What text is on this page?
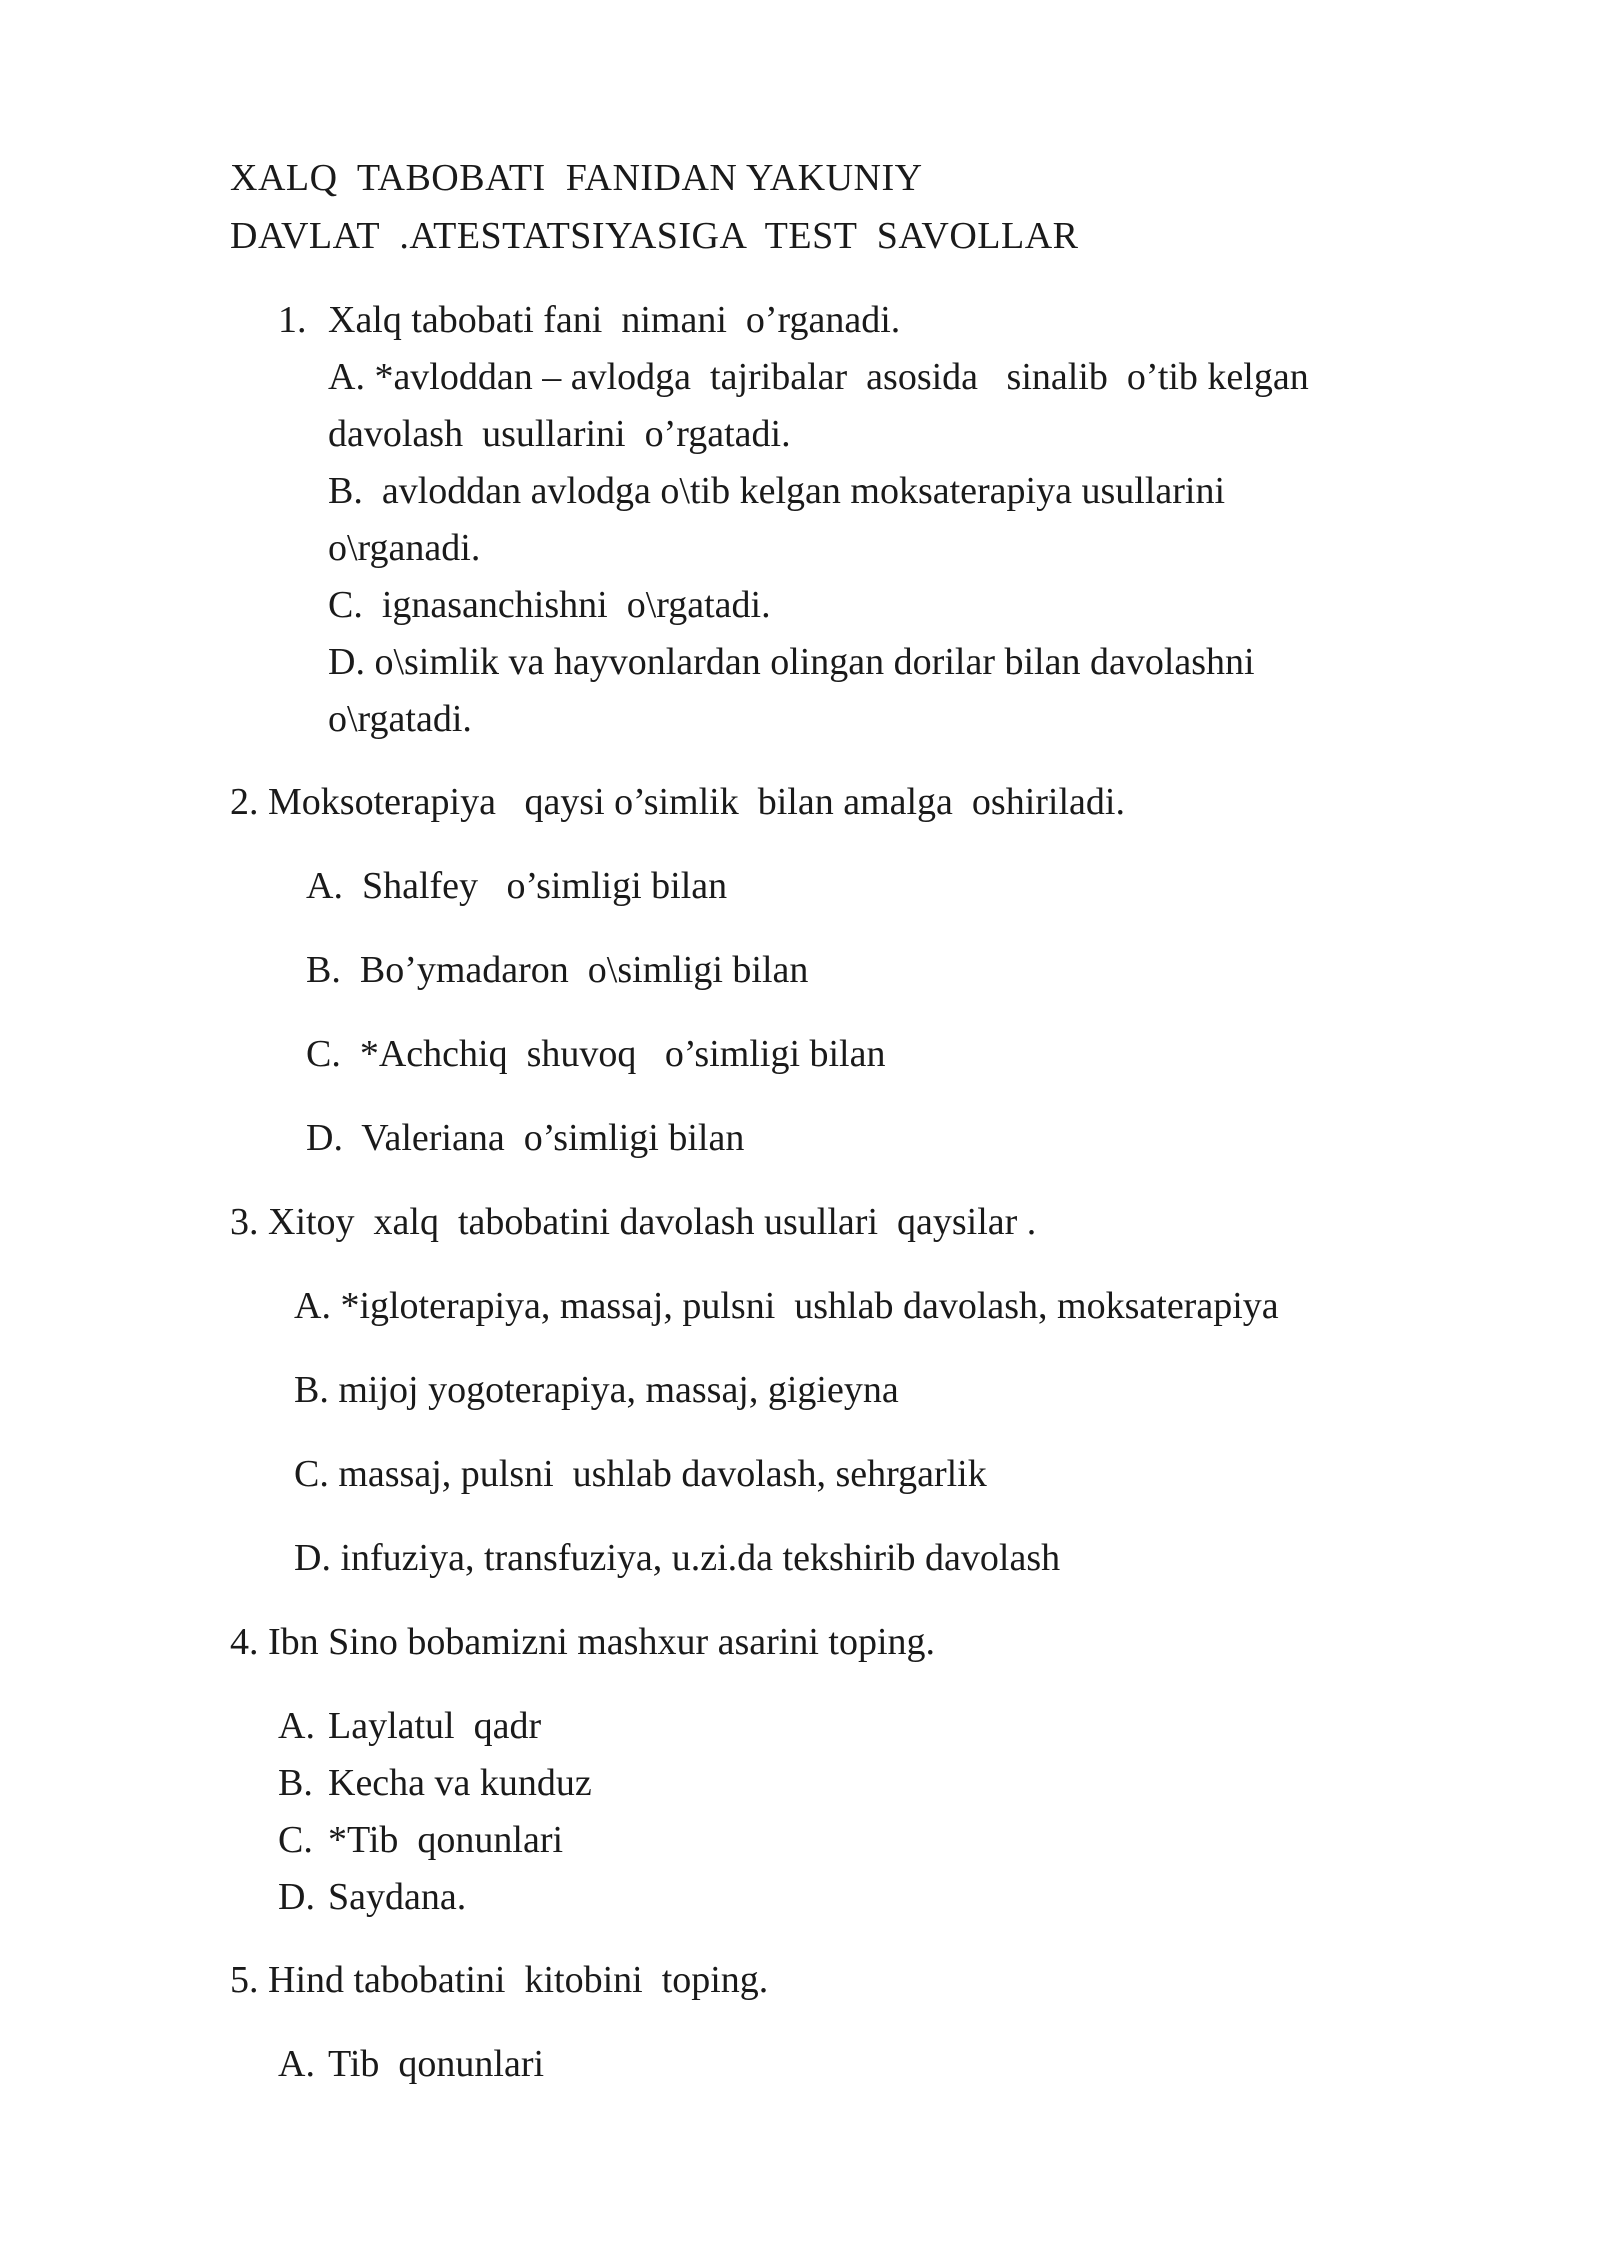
XALQ  TABOBATI  FANIDAN YAKUNIY
DAVLAT  .ATESTATSIYASIGA  TEST  SAVOLLAR
1. Xalq tabobati fani  nimani  o’rganadi.
A. *avloddan – avlodga  tajribalar  asosida   sinalib  o’tib kelgan
davolash  usullarini  o’rgatadi.
B.  avloddan avlodga o\tib kelgan moksaterapiya usullarini
o\rganadi.
C.  ignasanchishni  o\rgatadi.
D. o\simlik va hayvonlardan olingan dorilar bilan davolashni
o\rgatadi.
2. Moksoterapiya   qaysi o’simlik  bilan amalga  oshiriladi.
A.  Shalfey   o’simligi bilan
B.  Bo’ymadaron  o\simligi bilan
C.  *Achchiq  shuvoq   o’simligi bilan
D.  Valeriana  o’simligi bilan
3. Xitoy  xalq  tabobatini davolash usullari  qaysilar .
A. *igloterapiya, massaj, pulsni  ushlab davolash, moksaterapiya
B. mijoj yogoterapiya, massaj, gigieyna
C. massaj, pulsni  ushlab davolash, sehrgarlik
D. infuziya, transfuziya, u.zi.da tekshirib davolash
4. Ibn Sino bobamizni mashxur asarini toping.
A. Laylatul  qadr
B. Kecha va kunduz
C. *Tib  qonunlari
D. Saydana.
5. Hind tabobatini  kitobini  toping.
A. Tib  qonunlari
